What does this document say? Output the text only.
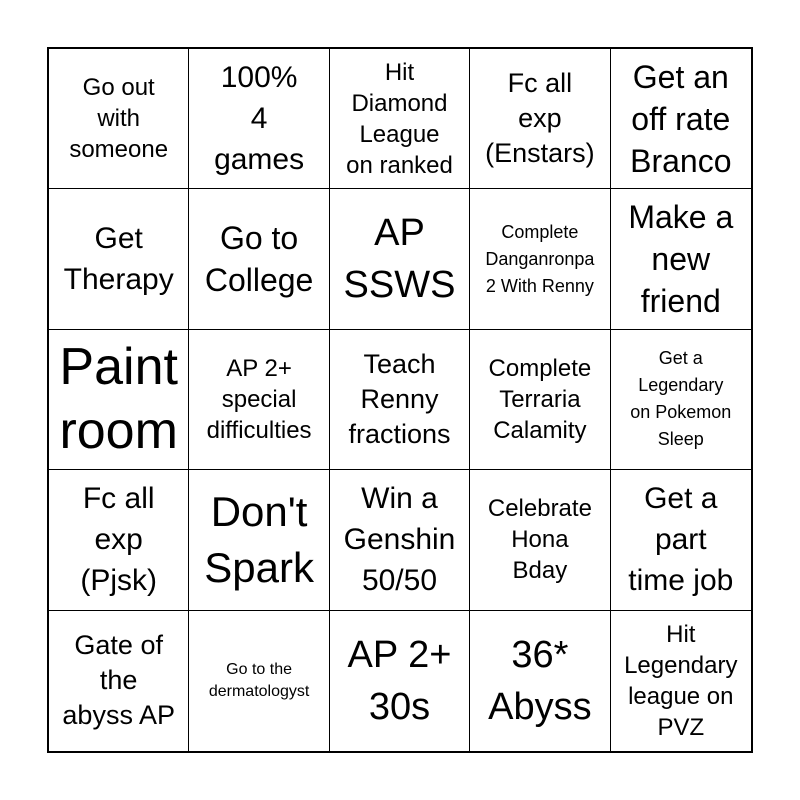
Go out
with
someone
100%
4
games
Hit
Diamond
League
on ranked
Fc all
exp
(Enstars)
Get an
off rate
Branco
Get
Therapy
Go to
College
AP
SSWS
Complete
Danganronpa
2 With Renny
Make a
new
friend
Paint
room
AP 2+
special
difficulties
Teach
Renny
fractions
Complete
Terraria
Calamity
Get a
Legendary
on Pokemon
Sleep
Fc all
exp
(Pjsk)
Don't
Spark
Win a
Genshin
50/50
Celebrate
Hona
Bday
Get a
part
time job
Gate of
the
abyss AP
Go to the
dermatologyst
AP 2+
30s
36*
Abyss
Hit
Legendary
league on
PVZ
